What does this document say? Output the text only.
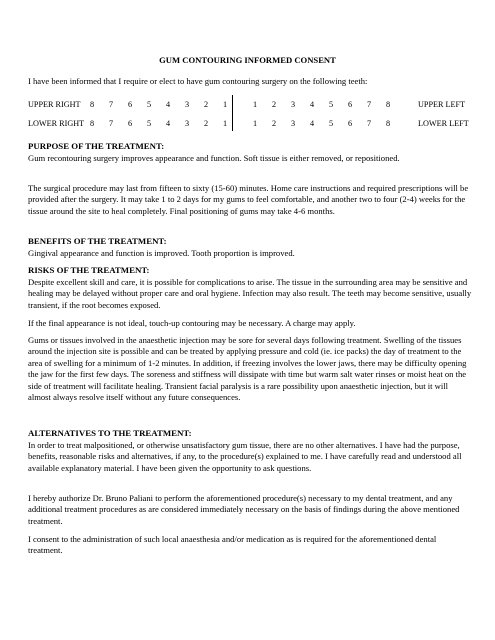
GUM CONTOURING INFORMED CONSENT

I have been informed that I require or elect to have gum contouring surgery on the following teeth:

UPPER RIGHT 8 7 6 5 4 3 2 1	1 2 3 4 5 6 7 8	UPPER LEFT
LOWER RIGHT 8 7 6 5 4 3 2 1	1 2 3 4 5 6 7 8	LOWER LEFT

PURPOSE OF THE TREATMENT:

Gum recontouring surgery improves appearance and function. Soft tissue is either removed, or repositioned.

The surgical procedure may last from fifteen to sixty (15-60) minutes. Home care instructions and required prescriptions will be provided after the surgery. It may take 1 to 2 days for my gums to feel comfortable, and another two to four (2-4) weeks for the tissue around the site to heal completely. Final positioning of gums may take 4-6 months.

BENEFITS OF THE TREATMENT:

Gingival appearance and function is improved. Tooth proportion is improved.

RISKS OF THE TREATMENT:

Despite excellent skill and care, it is possible for complications to arise. The tissue in the surrounding area may be sensitive and healing may be delayed without proper care and oral hygiene. Infection may also result. The teeth may become sensitive, usually transient, if the root becomes exposed.

If the final appearance is not ideal, touch-up contouring may be necessary. A charge may apply.

Gums or tissues involved in the anaesthetic injection may be sore for several days following treatment. Swelling of the tissues around the injection site is possible and can be treated by applying pressure and cold (ie. ice packs) the day of treatment to the area of swelling for a minimum of 1-2 minutes. In addition, if freezing involves the lower jaws, there may be difficulty opening the jaw for the first few days. The soreness and stiffness will dissipate with time but warm salt water rinses or moist heat on the side of treatment will facilitate healing. Transient facial paralysis is a rare possibility upon anaesthetic injection, but it will almost always resolve itself without any future consequences.

ALTERNATIVES TO THE TREATMENT:

In order to treat malpositioned, or otherwise unsatisfactory gum tissue, there are no other alternatives. I have had the purpose, benefits, reasonable risks and alternatives, if any, to the procedure(s) explained to me. I have carefully read and understood all available explanatory material. I have been given the opportunity to ask questions.

I hereby authorize Dr. Bruno Paliani to perform the aforementioned procedure(s) necessary to my dental treatment, and any additional treatment procedures as are considered immediately necessary on the basis of findings during the above mentioned treatment.

I consent to the administration of such local anaesthesia and/or medication as is required for the aforementioned dental treatment.
